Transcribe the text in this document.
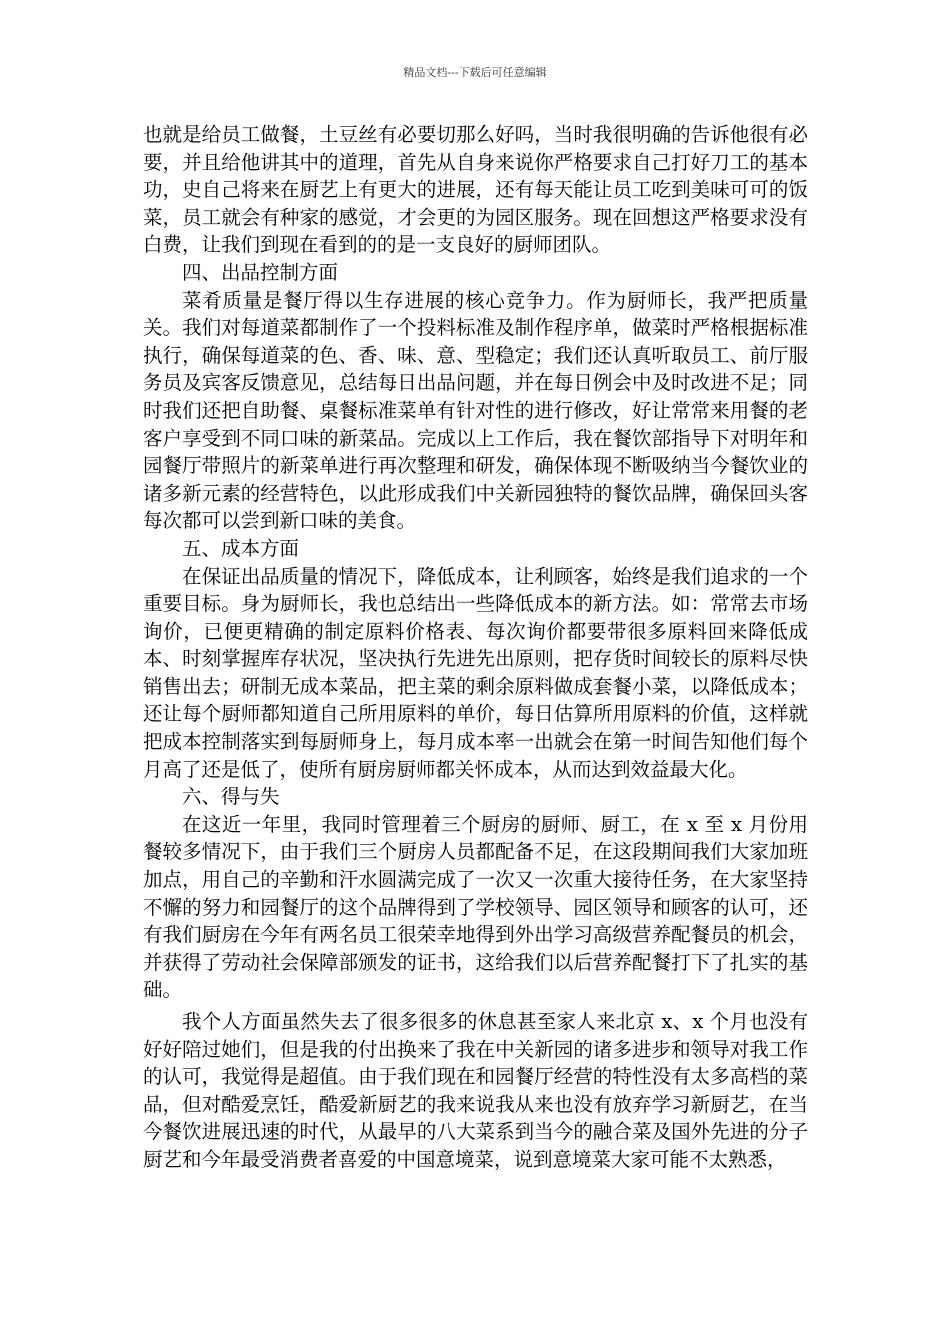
精品文档---下载后可任意编辑

也就是给员工做餐，土豆丝有必要切那么好吗，当时我很明确的告诉他很有必要，并且给他讲其中的道理，首先从自身来说你严格要求自己打好刀工的基本功，史自己将来在厨艺上有更大的进展，还有每天能让员工吃到美味可可的饭菜，员工就会有种家的感觉，才会更的为园区服务。现在回想这严格要求没有白费，让我们到现在看到的的是一支良好的厨师团队。

四、出品控制方面

菜肴质量是餐厅得以生存进展的核心竞争力。作为厨师长，我严把质量关。我们对每道菜都制作了一个投料标准及制作程序单，做菜时严格根据标准执行，确保每道菜的色、香、味、意、型稳定；我们还认真听取员工、前厅服务员及宾客反馈意见，总结每日出品问题，并在每日例会中及时改进不足；同时我们还把自助餐、桌餐标准菜单有针对性的进行修改，好让常常来用餐的老客户享受到不同口味的新菜品。完成以上工作后，我在餐饮部指导下对明年和园餐厅带照片的新菜单进行再次整理和研发，确保体现不断吸纳当今餐饮业的诸多新元素的经营特色，以此形成我们中关新园独特的餐饮品牌，确保回头客每次都可以尝到新口味的美食。

五、成本方面

在保证出品质量的情况下，降低成本，让利顾客，始终是我们追求的一个重要目标。身为厨师长，我也总结出一些降低成本的新方法。如：常常去市场询价，已便更精确的制定原料价格表、每次询价都要带很多原料回来降低成本、时刻掌握库存状况，坚决执行先进先出原则，把存货时间较长的原料尽快销售出去；研制无成本菜品，把主菜的剩余原料做成套餐小菜，以降低成本；还让每个厨师都知道自己所用原料的单价，每日估算所用原料的价值，这样就把成本控制落实到每厨师身上，每月成本率一出就会在第一时间告知他们每个月高了还是低了，使所有厨房厨师都关怀成本，从而达到效益最大化。

六、得与失

在这近一年里，我同时管理着三个厨房的厨师、厨工，在 x 至 x 月份用餐较多情况下，由于我们三个厨房人员都配备不足，在这段期间我们大家加班加点，用自己的辛勤和汗水圆满完成了一次又一次重大接待任务，在大家坚持不懈的努力和园餐厅的这个品牌得到了学校领导、园区领导和顾客的认可，还有我们厨房在今年有两名员工很荣幸地得到外出学习高级营养配餐员的机会，并获得了劳动社会保障部颁发的证书，这给我们以后营养配餐打下了扎实的基础。

我个人方面虽然失去了很多很多的休息甚至家人来北京 x、x 个月也没有好好陪过她们，但是我的付出换来了我在中关新园的诸多进步和领导对我工作的认可，我觉得是超值。由于我们现在和园餐厅经营的特性没有太多高档的菜品，但对酷爱烹饪，酷爱新厨艺的我来说我从来也没有放弃学习新厨艺，在当今餐饮进展迅速的时代，从最早的八大菜系到当今的融合菜及国外先进的分子厨艺和今年最受消费者喜爱的中国意境菜，说到意境菜大家可能不太熟悉，
